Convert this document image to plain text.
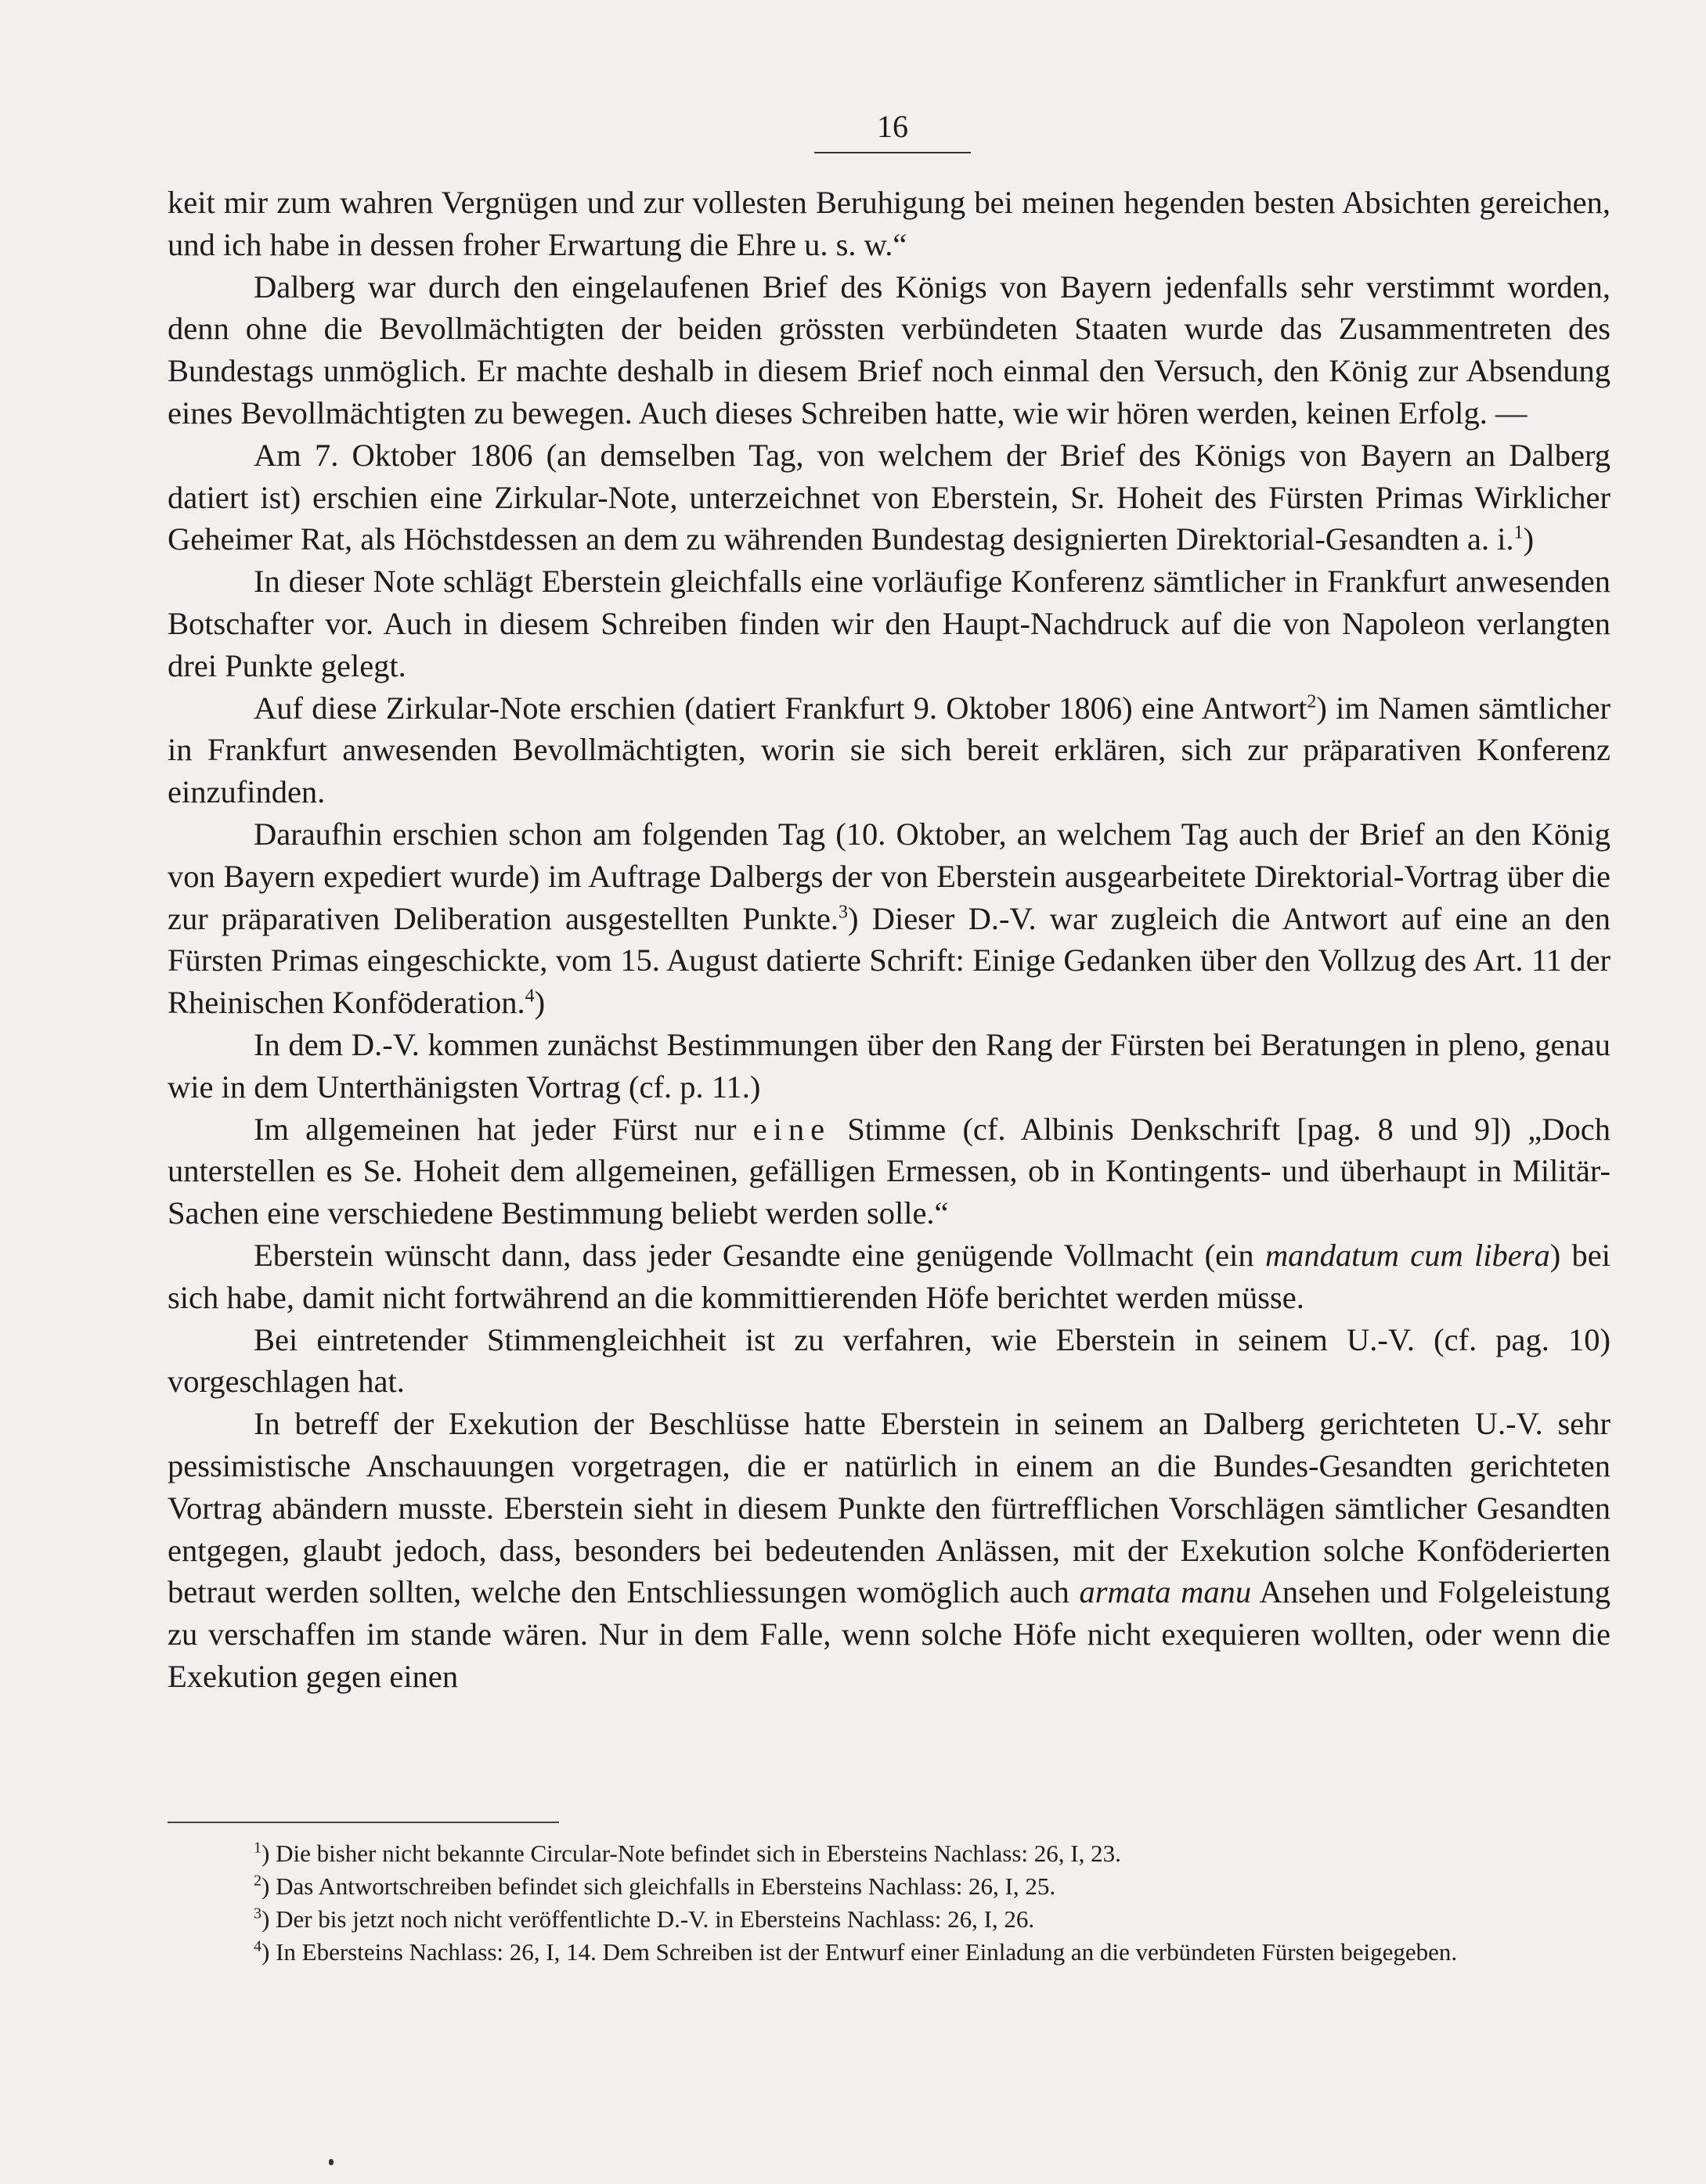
16

keit mir zum wahren Vergnügen und zur vollesten Beruhigung bei meinen hegenden besten Absichten gereichen, und ich habe in dessen froher Erwartung die Ehre u. s. w.“

Dalberg war durch den eingelaufenen Brief des Königs von Bayern jedenfalls sehr verstimmt worden, denn ohne die Bevollmächtigten der beiden grössten verbündeten Staaten wurde das Zusammentreten des Bundestags unmöglich. Er machte deshalb in diesem Brief noch einmal den Versuch, den König zur Absendung eines Bevollmächtigten zu bewegen. Auch dieses Schreiben hatte, wie wir hören werden, keinen Erfolg. —

Am 7. Oktober 1806 (an demselben Tag, von welchem der Brief des Königs von Bayern an Dalberg datiert ist) erschien eine Zirkular-Note, unterzeichnet von Eberstein, Sr. Hoheit des Fürsten Primas Wirklicher Geheimer Rat, als Höchstdessen an dem zu währenden Bundestag designierten Direktorial-Gesandten a. i.$^1$)

In dieser Note schlägt Eberstein gleichfalls eine vorläufige Konferenz sämtlicher in Frankfurt anwesenden Botschafter vor. Auch in diesem Schreiben finden wir den Haupt-Nachdruck auf die von Napoleon verlangten drei Punkte gelegt.

Auf diese Zirkular-Note erschien (datiert Frankfurt 9. Oktober 1806) eine Antwort$^2$) im Namen sämtlicher in Frankfurt anwesenden Bevollmächtigten, worin sie sich bereit erklären, sich zur präparativen Konferenz einzufinden.

Daraufhin erschien schon am folgenden Tag (10. Oktober, an welchem Tag auch der Brief an den König von Bayern expediert wurde) im Auftrage Dalbergs der von Eberstein ausgearbeitete Direktorial-Vortrag über die zur präparativen Deliberation ausgestellten Punkte.$^3$) Dieser D.-V. war zugleich die Antwort auf eine an den Fürsten Primas eingeschickte, vom 15. August datierte Schrift: Einige Gedanken über den Vollzug des Art. 11 der Rheinischen Konföderation.$^4$)

In dem D.-V. kommen zunächst Bestimmungen über den Rang der Fürsten bei Beratungen in pleno, genau wie in dem Unterthänigsten Vortrag (cf. p. 11.)

Im allgemeinen hat jeder Fürst nur eine Stimme (cf. Albinis Denkschrift [pag. 8 und 9]) „Doch unterstellen es Se. Hoheit dem allgemeinen, gefälligen Ermessen, ob in Kontingents- und überhaupt in Militär-Sachen eine verschiedene Bestimmung beliebt werden solle.“

Eberstein wünscht dann, dass jeder Gesandte eine genügende Vollmacht (ein mandatum cum libera) bei sich habe, damit nicht fortwährend an die kommittierenden Höfe berichtet werden müsse.

Bei eintretender Stimmengleichheit ist zu verfahren, wie Eberstein in seinem U.-V. (cf. pag. 10) vorgeschlagen hat.

In betreff der Exekution der Beschlüsse hatte Eberstein in seinem an Dalberg gerichteten U.-V. sehr pessimistische Anschauungen vorgetragen, die er natürlich in einem an die Bundes-Gesandten gerichteten Vortrag abändern musste. Eberstein sieht in diesem Punkte den fürtrefflichen Vorschlägen sämtlicher Gesandten entgegen, glaubt jedoch, dass, besonders bei bedeutenden Anlässen, mit der Exekution solche Konföderierten betraut werden sollten, welche den Entschliessungen womöglich auch armata manu Ansehen und Folgeleistung zu verschaffen im stande wären. Nur in dem Falle, wenn solche Höfe nicht exequieren wollten, oder wenn die Exekution gegen einen

$^1$) Die bisher nicht bekannte Circular-Note befindet sich in Ebersteins Nachlass: 26, I, 23.

$^2$) Das Antwortschreiben befindet sich gleichfalls in Ebersteins Nachlass: 26, I, 25.

$^3$) Der bis jetzt noch nicht veröffentlichte D.-V. in Ebersteins Nachlass: 26, I, 26.

$^4$) In Ebersteins Nachlass: 26, I, 14. Dem Schreiben ist der Entwurf einer Einladung an die verbündeten Fürsten beigegeben.
